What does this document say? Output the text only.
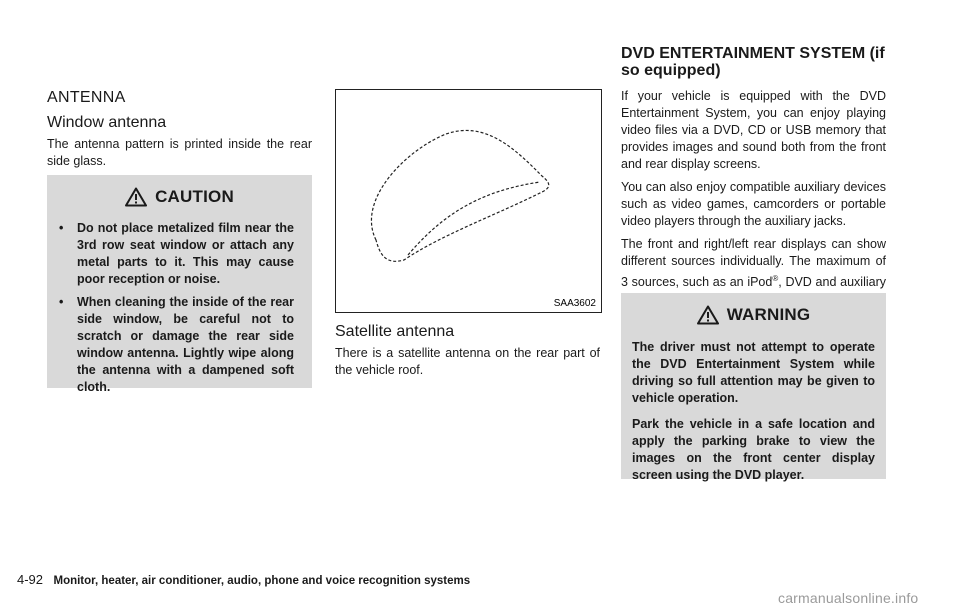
ANTENNA
Window antenna

The antenna pattern is printed inside the rear side glass.

CAUTION
• Do not place metalized film near the 3rd row seat window or attach any metal parts to it. This may cause poor reception or noise.
• When cleaning the inside of the rear side window, be careful not to scratch or damage the rear side window antenna. Lightly wipe along the antenna with a dampened soft cloth.
SAA3602
Satellite antenna

There is a satellite antenna on the rear part of the vehicle roof.

DVD ENTERTAINMENT SYSTEM (if
so equipped)

If your vehicle is equipped with the DVD Entertainment System, you can enjoy playing video files via a DVD, CD or USB memory that provides images and sound both from the front and rear display screens.

You can also enjoy compatible auxiliary devices such as video games, camcorders or portable video players through the auxiliary jacks.

The front and right/left rear displays can show different sources individually. The maximum of 3 sources, such as an iPod®, DVD and auxiliary

WARNING

The driver must not attempt to operate the DVD Entertainment System while driving so full attention may be given to vehicle operation.

Park the vehicle in a safe location and apply the parking brake to view the images on the front center display screen using the DVD player.

4-92 Monitor, heater, air conditioner, audio, phone and voice recognition systems
carmanualsonline.info
